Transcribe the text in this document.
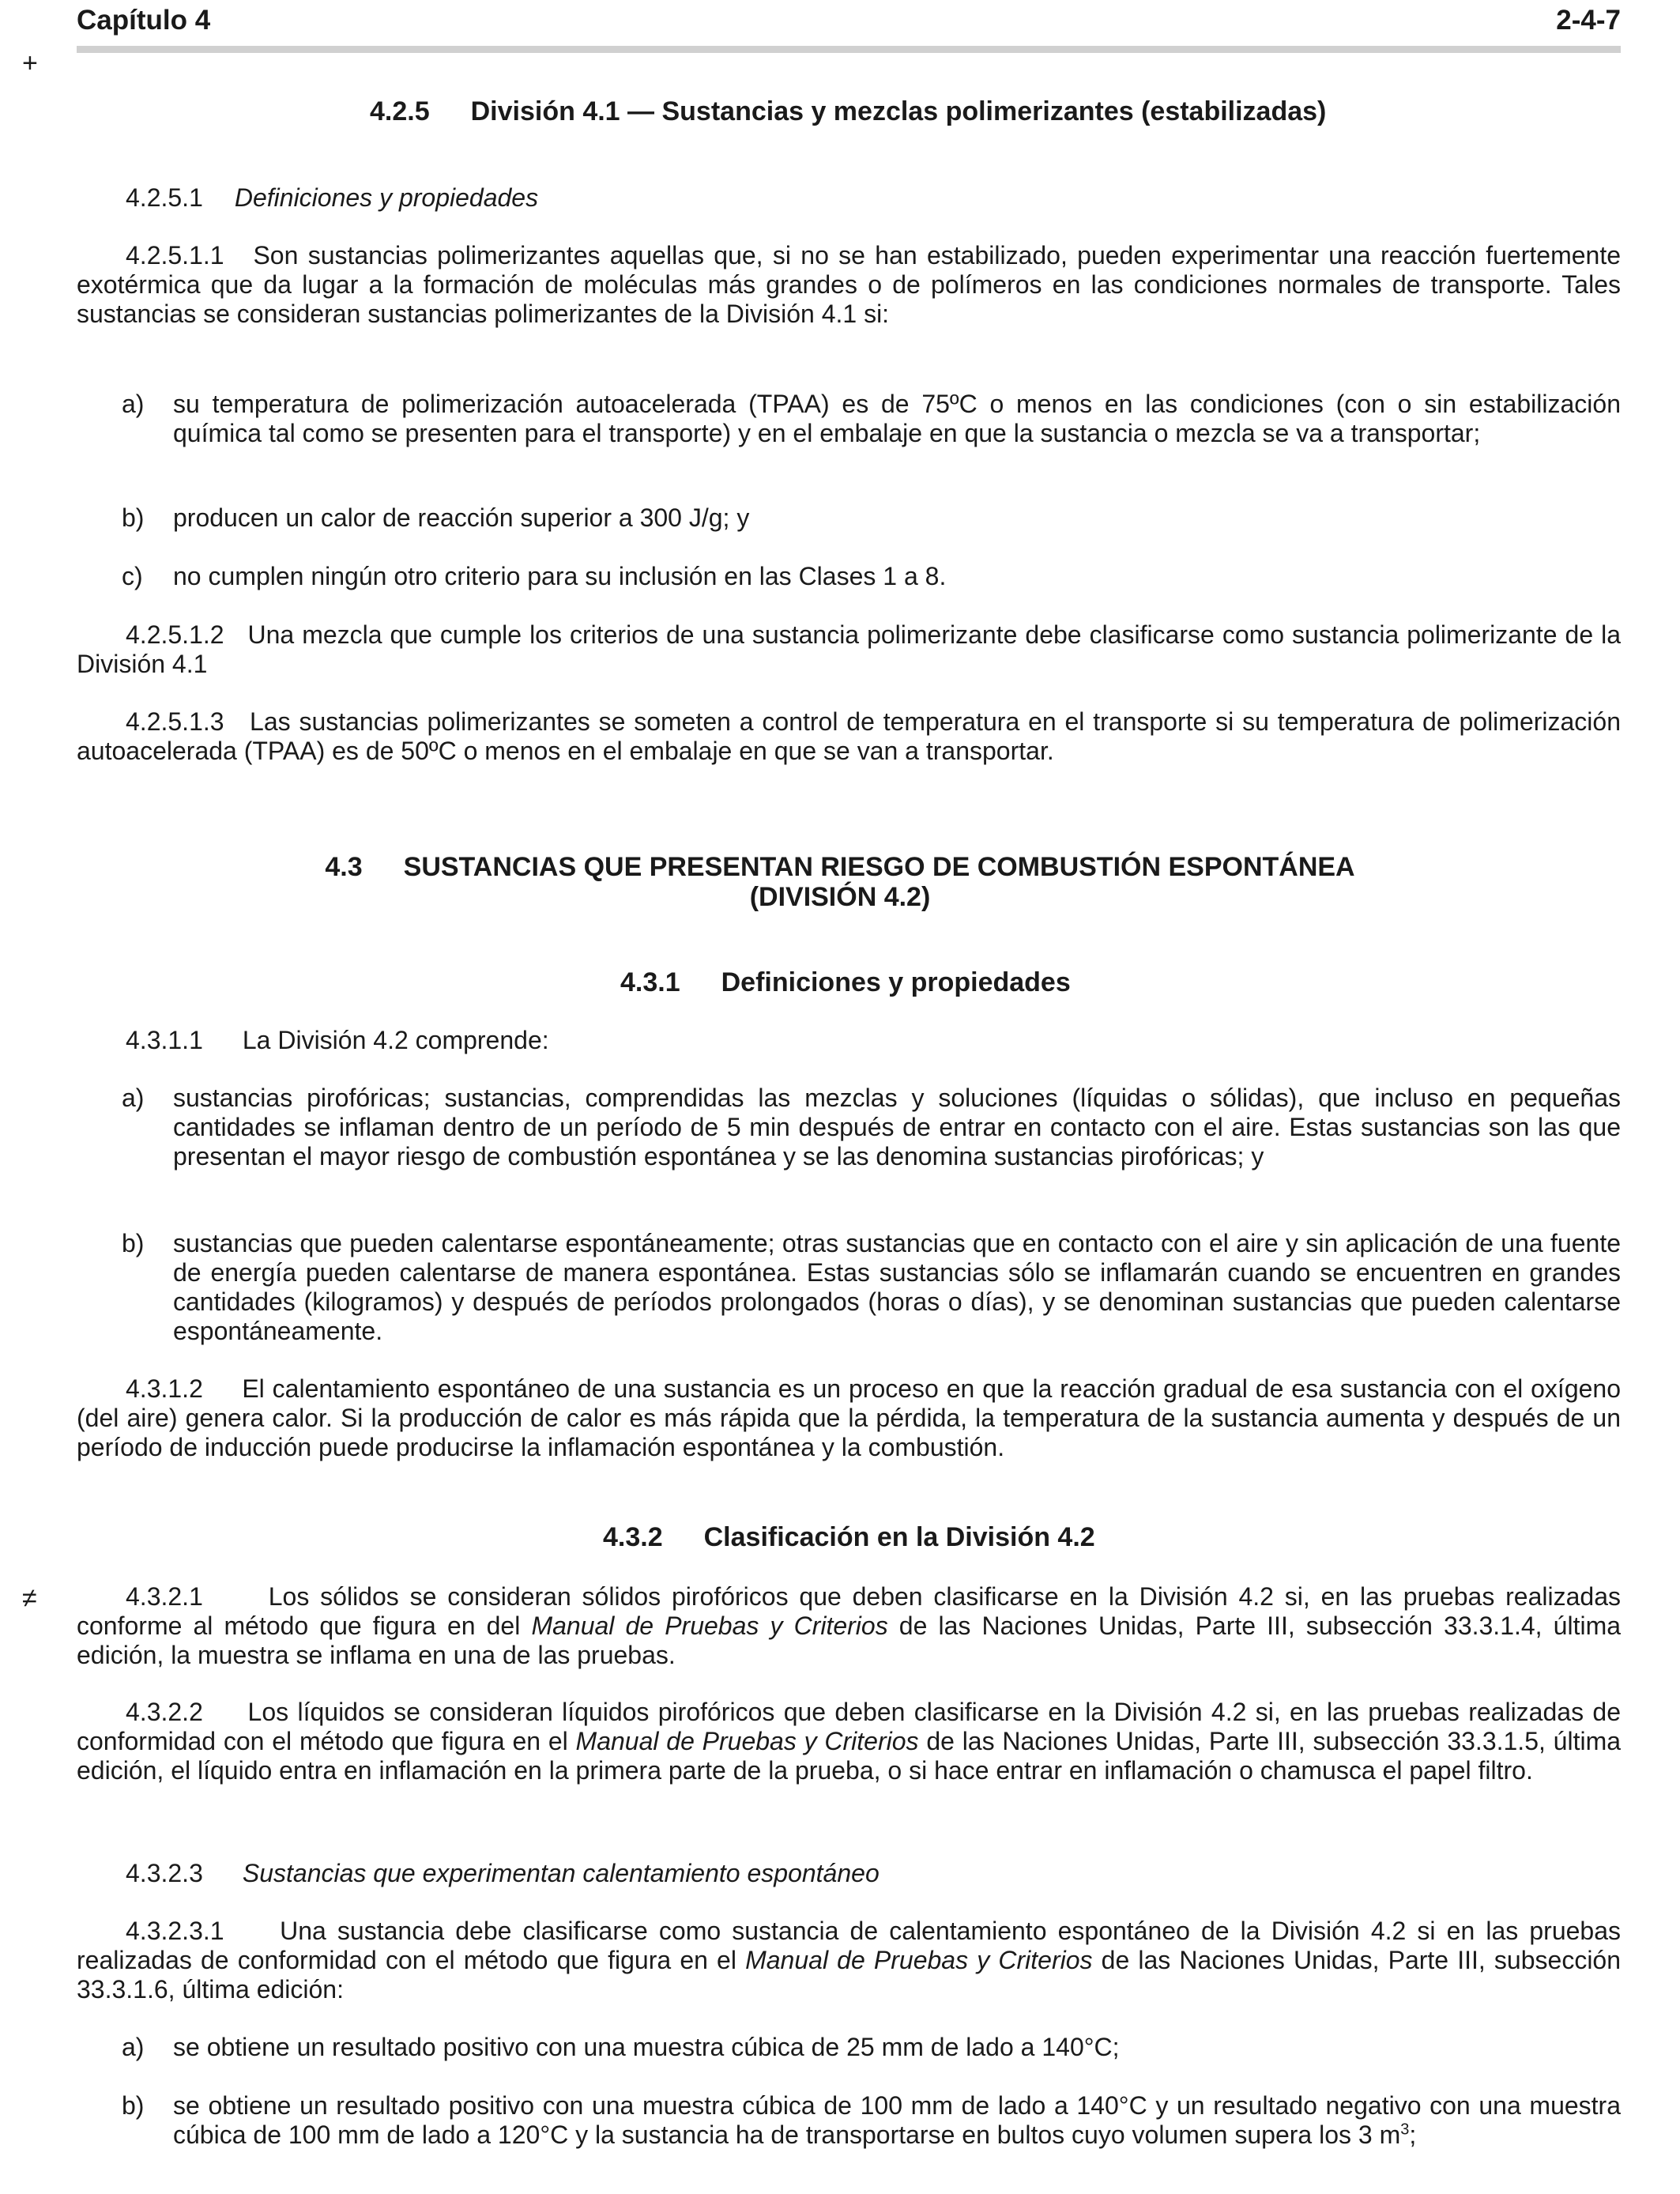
Capítulo 4	2-4-7
+
4.2.5 División 4.1 — Sustancias y mezclas polimerizantes (estabilizadas)
4.2.5.1 Definiciones y propiedades
4.2.5.1.1 Son sustancias polimerizantes aquellas que, si no se han estabilizado, pueden experimentar una reacción fuertemente exotérmica que da lugar a la formación de moléculas más grandes o de polímeros en las condiciones normales de transporte. Tales sustancias se consideran sustancias polimerizantes de la División 4.1 si:
a) su temperatura de polimerización autoacelerada (TPAA) es de 75ºC o menos en las condiciones (con o sin estabilización química tal como se presenten para el transporte) y en el embalaje en que la sustancia o mezcla se va a transportar;
b) producen un calor de reacción superior a 300 J/g; y
c) no cumplen ningún otro criterio para su inclusión en las Clases 1 a 8.
4.2.5.1.2 Una mezcla que cumple los criterios de una sustancia polimerizante debe clasificarse como sustancia polimerizante de la División 4.1
4.2.5.1.3 Las sustancias polimerizantes se someten a control de temperatura en el transporte si su temperatura de polimerización autoacelerada (TPAA) es de 50ºC o menos en el embalaje en que se van a transportar.
4.3 SUSTANCIAS QUE PRESENTAN RIESGO DE COMBUSTIÓN ESPONTÁNEA
(DIVISIÓN 4.2)
4.3.1 Definiciones y propiedades
4.3.1.1 La División 4.2 comprende:
a) sustancias pirofóricas; sustancias, comprendidas las mezclas y soluciones (líquidas o sólidas), que incluso en pequeñas cantidades se inflaman dentro de un período de 5 min después de entrar en contacto con el aire. Estas sustancias son las que presentan el mayor riesgo de combustión espontánea y se las denomina sustancias pirofóricas; y
b) sustancias que pueden calentarse espontáneamente; otras sustancias que en contacto con el aire y sin aplicación de una fuente de energía pueden calentarse de manera espontánea. Estas sustancias sólo se inflamarán cuando se encuentren en grandes cantidades (kilogramos) y después de períodos prolongados (horas o días), y se denominan sustancias que pueden calentarse espontáneamente.
4.3.1.2 El calentamiento espontáneo de una sustancia es un proceso en que la reacción gradual de esa sustancia con el oxígeno (del aire) genera calor. Si la producción de calor es más rápida que la pérdida, la temperatura de la sustancia aumenta y después de un período de inducción puede producirse la inflamación espontánea y la combustión.
4.3.2 Clasificación en la División 4.2
≠	4.3.2.1	Los sólidos se consideran sólidos pirofóricos que deben clasificarse en la División 4.2 si, en las pruebas realizadas conforme al método que figura en del Manual de Pruebas y Criterios de las Naciones Unidas, Parte III, subsección 33.3.1.4, última edición, la muestra se inflama en una de las pruebas.
4.3.2.2 Los líquidos se consideran líquidos pirofóricos que deben clasificarse en la División 4.2 si, en las pruebas realizadas de conformidad con el método que figura en el Manual de Pruebas y Criterios de las Naciones Unidas, Parte III, subsección 33.3.1.5, última edición, el líquido entra en inflamación en la primera parte de la prueba, o si hace entrar en inflamación o chamusca el papel filtro.
4.3.2.3 Sustancias que experimentan calentamiento espontáneo
4.3.2.3.1 Una sustancia debe clasificarse como sustancia de calentamiento espontáneo de la División 4.2 si en las pruebas realizadas de conformidad con el método que figura en el Manual de Pruebas y Criterios de las Naciones Unidas, Parte III, subsección 33.3.1.6, última edición:
a) se obtiene un resultado positivo con una muestra cúbica de 25 mm de lado a 140°C;
b) se obtiene un resultado positivo con una muestra cúbica de 100 mm de lado a 140°C y un resultado negativo con una muestra cúbica de 100 mm de lado a 120°C y la sustancia ha de transportarse en bultos cuyo volumen supera los 3 $m^3$;
